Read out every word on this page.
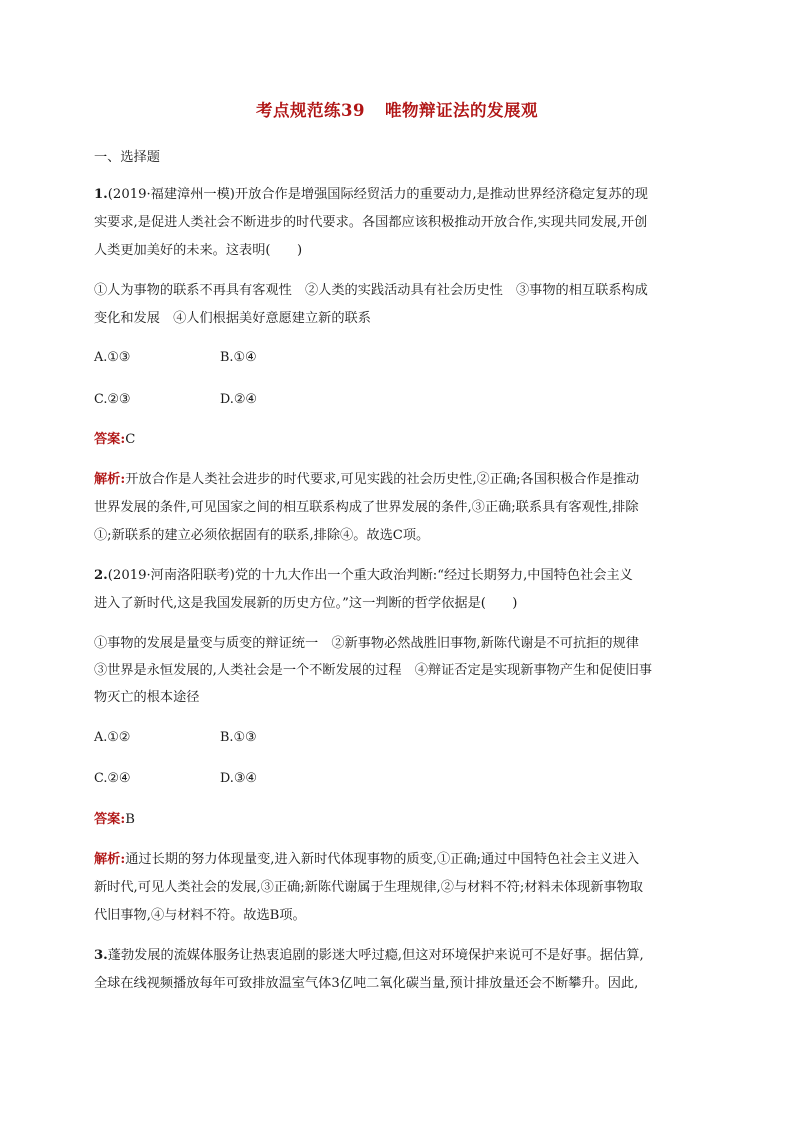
考点规范练39 唯物辩证法的发展观
一、选择题
1.(2019·福建漳州一模)开放合作是增强国际经贸活力的重要动力,是推动世界经济稳定复苏的现
实要求,是促进人类社会不断进步的时代要求。各国都应该积极推动开放合作,实现共同发展,开创
人类更加美好的未来。这表明(　　)
①人为事物的联系不再具有客观性　②人类的实践活动具有社会历史性　③事物的相互联系构成
变化和发展　④人们根据美好意愿建立新的联系
A.①③	B.①④
C.②③	D.②④
答案:C
解析:开放合作是人类社会进步的时代要求,可见实践的社会历史性,②正确;各国积极合作是推动
世界发展的条件,可见国家之间的相互联系构成了世界发展的条件,③正确;联系具有客观性,排除
①;新联系的建立必须依据固有的联系,排除④。故选C项。
2.(2019·河南洛阳联考)党的十九大作出一个重大政治判断:“经过长期努力,中国特色社会主义
进入了新时代,这是我国发展新的历史方位。”这一判断的哲学依据是(　　)
①事物的发展是量变与质变的辩证统一　②新事物必然战胜旧事物,新陈代谢是不可抗拒的规律
③世界是永恒发展的,人类社会是一个不断发展的过程　④辩证否定是实现新事物产生和促使旧事
物灭亡的根本途径
A.①②	B.①③
C.②④	D.③④
答案:B
解析:通过长期的努力体现量变,进入新时代体现事物的质变,①正确;通过中国特色社会主义进入
新时代,可见人类社会的发展,③正确;新陈代谢属于生理规律,②与材料不符;材料未体现新事物取
代旧事物,④与材料不符。故选B项。
3.蓬勃发展的流媒体服务让热衷追剧的影迷大呼过瘾,但这对环境保护来说可不是好事。据估算,
全球在线视频播放每年可致排放温室气体3亿吨二氧化碳当量,预计排放量还会不断攀升。因此,
